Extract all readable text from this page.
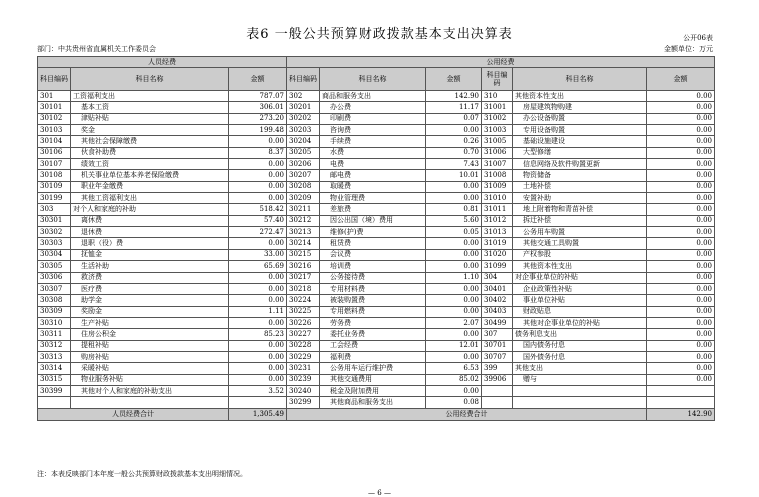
表6 一般公共预算财政拨款基本支出决算表	公开06表
部门：中共贵州省直属机关工作委员会	金额单位：万元
人员经费			公用经费					
科目编码	科目名称	金额	科目编码	科目名称	金额	科目编码	科目名称	金额
301	工资福利支出	787.07	302	商品和服务支出	142.90	310	其他资本性支出	0.00
30101	基本工资	306.01	30201	办公费	11.17	31001	房屋建筑物购建	0.00
30102	津贴补贴	273.20	30202	印刷费	0.07	31002	办公设备购置	0.00
30103	奖金	199.48	30203	咨询费	0.00	31003	专用设备购置	0.00
30104	其他社会保障缴费	0.00	30204	手续费	0.26	31005	基础设施建设	0.00
30106	伙食补助费	8.37	30205	水费	0.70	31006	大型修缮	0.00
30107	绩效工资	0.00	30206	电费	7.43	31007	信息网络及软件购置更新	0.00
30108	机关事业单位基本养老保险缴费	0.00	30207	邮电费	10.01	31008	物资储备	0.00
30109	职业年金缴费	0.00	30208	取暖费	0.00	31009	土地补偿	0.00
30199	其他工资福利支出	0.00	30209	物业管理费	0.00	31010	安置补助	0.00
303	对个人和家庭的补助	518.42	30211	差旅费	0.81	31011	地上附着物和青苗补偿	0.00
30301	离休费	57.40	30212	因公出国（境）费用	5.60	31012	拆迁补偿	0.00
30302	退休费	272.47	30213	维修(护)费	0.05	31013	公务用车购置	0.00
30303	退职（役）费	0.00	30214	租赁费	0.00	31019	其他交通工具购置	0.00
30304	抚恤金	33.00	30215	会议费	0.00	31020	产权参股	0.00
30305	生活补助	65.69	30216	培训费	0.00	31099	其他资本性支出	0.00
30306	救济费	0.00	30217	公务接待费	1.10	304	对企事业单位的补贴	0.00
30307	医疗费	0.00	30218	专用材料费	0.00	30401	企业政策性补贴	0.00
30308	助学金	0.00	30224	被装购置费	0.00	30402	事业单位补贴	0.00
30309	奖励金	1.11	30225	专用燃料费	0.00	30403	财政贴息	0.00
30310	生产补贴	0.00	30226	劳务费	2.07	30499	其他对企事业单位的补贴	0.00
30311	住房公积金	85.23	30227	委托业务费	0.00	307	债务利息支出	0.00
30312	提租补贴	0.00	30228	工会经费	12.01	30701	国内债务付息	0.00
30313	购房补贴	0.00	30229	福利费	0.00	30707	国外债务付息	0.00
30314	采暖补贴	0.00	30231	公务用车运行维护费	6.53	399	其他支出	0.00
30315	物业服务补贴	0.00	30239	其他交通费用	85.02	39906	赠与	0.00
30399	其他对个人和家庭的补助支出	3.52	30240	税金及附加费用	0.00			
			30299	其他商品和服务支出	0.08			
人员经费合计		1,305.49	公用经费合计					142.90
注：本表反映部门本年度一般公共预算财政拨款基本支出明细情况。
— 6 —
